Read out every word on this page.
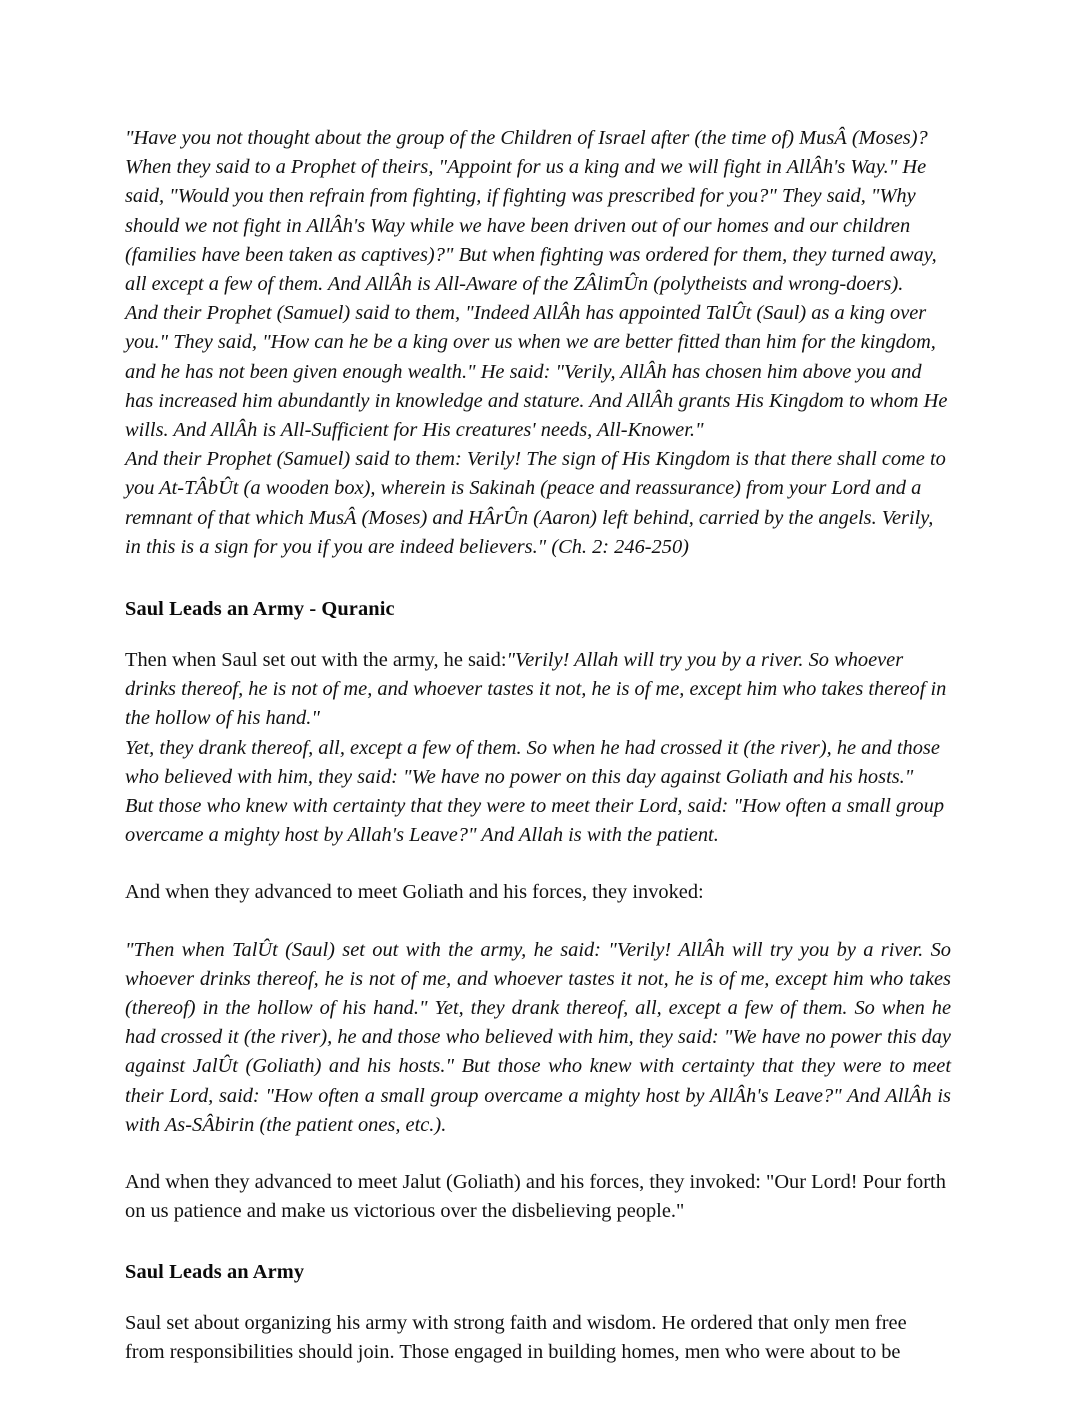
"Have you not thought about the group of the Children of Israel after (the time of) MusÂ (Moses)? When they said to a Prophet of theirs, "Appoint for us a king and we will fight in AllÂh's Way." He said, "Would you then refrain from fighting, if fighting was prescribed for you?" They said, "Why should we not fight in AllÂh's Way while we have been driven out of our homes and our children (families have been taken as captives)?" But when fighting was ordered for them, they turned away, all except a few of them. And AllÂh is All-Aware of the ZÂlimÛn (polytheists and wrong-doers).
And their Prophet (Samuel) said to them, "Indeed AllÂh has appointed TalÛt (Saul) as a king over you." They said, "How can he be a king over us when we are better fitted than him for the kingdom, and he has not been given enough wealth." He said: "Verily, AllÂh has chosen him above you and has increased him abundantly in knowledge and stature. And AllÂh grants His Kingdom to whom He wills. And AllÂh is All-Sufficient for His creatures' needs, All-Knower."
And their Prophet (Samuel) said to them: Verily! The sign of His Kingdom is that there shall come to you At-TÂbÛt (a wooden box), wherein is Sakinah (peace and reassurance) from your Lord and a remnant of that which MusÂ (Moses) and HÂrÛn (Aaron) left behind, carried by the angels. Verily, in this is a sign for you if you are indeed believers." (Ch. 2: 246-250)
Saul Leads an Army - Quranic
Then when Saul set out with the army, he said:"Verily! Allah will try you by a river. So whoever drinks thereof, he is not of me, and whoever tastes it not, he is of me, except him who takes thereof in the hollow of his hand."
Yet, they drank thereof, all, except a few of them. So when he had crossed it (the river), he and those who believed with him, they said: "We have no power on this day against Goliath and his hosts."
But those who knew with certainty that they were to meet their Lord, said: "How often a small group overcame a mighty host by Allah's Leave?" And Allah is with the patient.
And when they advanced to meet Goliath and his forces, they invoked:
"Then when TalÛt (Saul) set out with the army, he said: "Verily! AllÂh will try you by a river. So whoever drinks thereof, he is not of me, and whoever tastes it not, he is of me, except him who takes (thereof) in the hollow of his hand." Yet, they drank thereof, all, except a few of them. So when he had crossed it (the river), he and those who believed with him, they said: "We have no power this day against JalÛt (Goliath) and his hosts." But those who knew with certainty that they were to meet their Lord, said: "How often a small group overcame a mighty host by AllÂh's Leave?" And AllÂh is with As-SÂbirin (the patient ones, etc.).
And when they advanced to meet Jalut (Goliath) and his forces, they invoked: "Our Lord! Pour forth on us patience and make us victorious over the disbelieving people."
Saul Leads an Army
Saul set about organizing his army with strong faith and wisdom. He ordered that only men free from responsibilities should join. Those engaged in building homes, men who were about to be
